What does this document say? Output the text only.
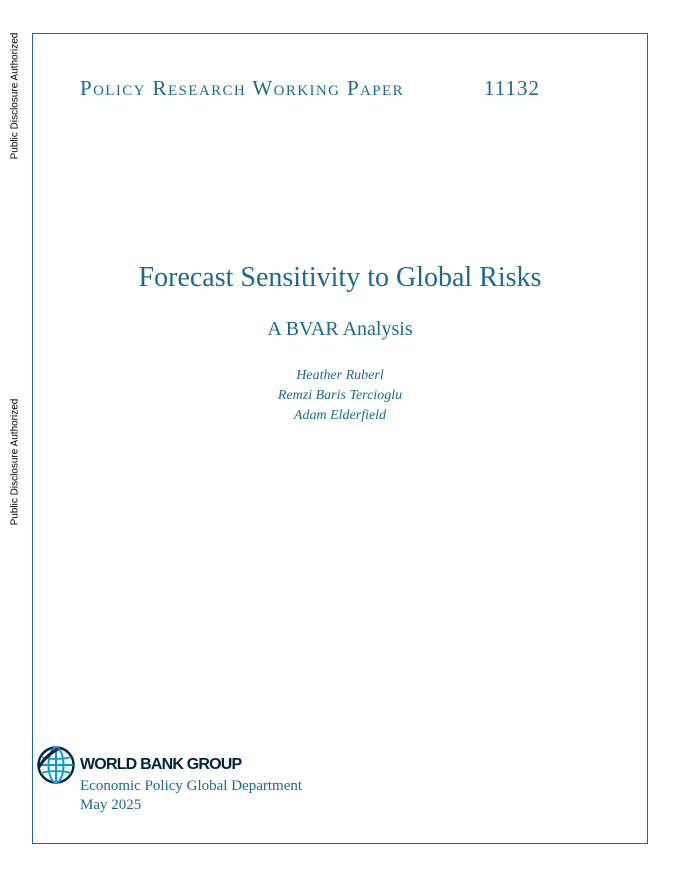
Public Disclosure Authorized
Public Disclosure Authorized
Policy Research Working Paper	11132
Forecast Sensitivity to Global Risks
A BVAR Analysis
Heather Ruberl
Remzi Baris Tercioglu
Adam Elderfield
WORLD BANK GROUP
Economic Policy Global Department
May 2025
